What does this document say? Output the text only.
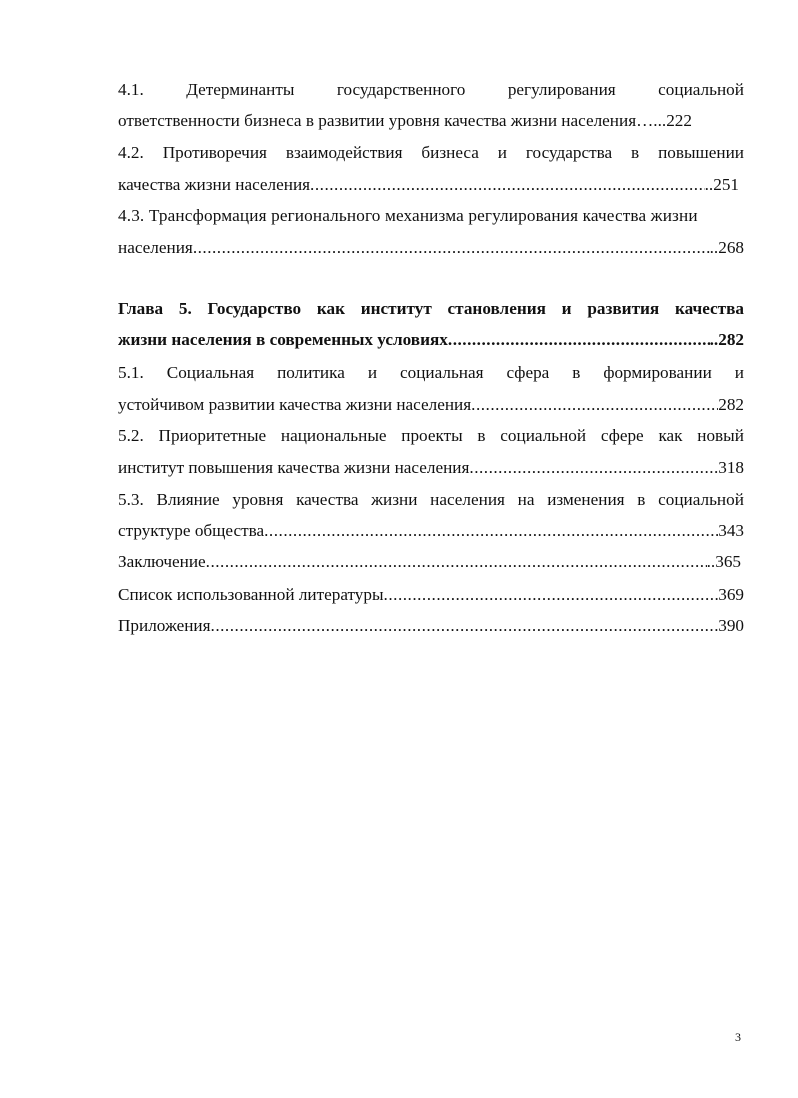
4.1. Детерминанты государственного регулирования социальной
ответственности бизнеса в развитии уровня качества жизни населения …... 222
4.2. Противоречия взаимодействия бизнеса и государства в повышении
качества жизни населения .....	..251
4.3. Трансформация регионального механизма регулирования качества жизни
населения .....	..268
Глава 5. Государство как институт становления и развития качества
жизни населения в современных условиях .....	..282
5.1. Социальная политика и социальная сфера в формировании и
устойчивом развитии качества жизни населения .....	282
5.2. Приоритетные национальные проекты в социальной сфере как новый
институт повышения качества жизни населения .....	318
5.3. Влияние уровня качества жизни населения на изменения в социальной
структуре общества .....	343
Заключение .....	..365
Список использованной литературы .....	369
Приложения .....	390
3
